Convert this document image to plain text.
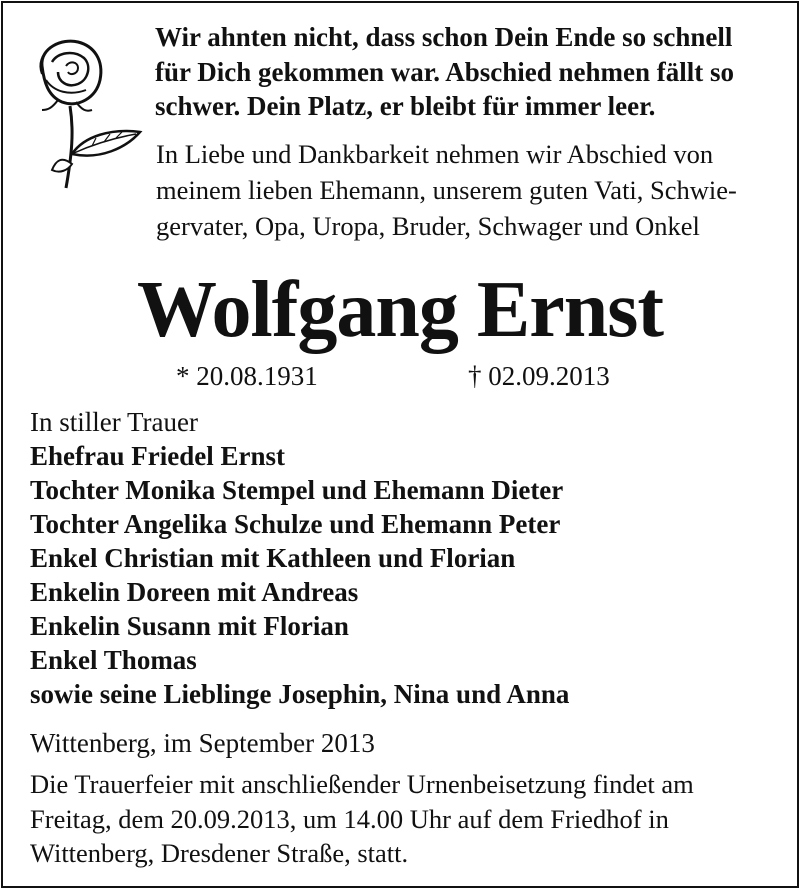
Wir ahnten nicht, dass schon Dein Ende so schnell
für Dich gekommen war. Abschied nehmen fällt so
schwer. Dein Platz, er bleibt für immer leer.
In Liebe und Dankbarkeit nehmen wir Abschied von
meinem lieben Ehemann, unserem guten Vati, Schwie-
gervater, Opa, Uropa, Bruder, Schwager und Onkel
Wolfgang Ernst
* 20.08.1931	† 02.09.2013
In stiller Trauer
Ehefrau Friedel Ernst
Tochter Monika Stempel und Ehemann Dieter
Tochter Angelika Schulze und Ehemann Peter
Enkel Christian mit Kathleen und Florian
Enkelin Doreen mit Andreas
Enkelin Susann mit Florian
Enkel Thomas
sowie seine Lieblinge Josephin, Nina und Anna
Wittenberg, im September 2013
Die Trauerfeier mit anschließender Urnenbeisetzung findet am
Freitag, dem 20.09.2013, um 14.00 Uhr auf dem Friedhof in
Wittenberg, Dresdener Straße, statt.
